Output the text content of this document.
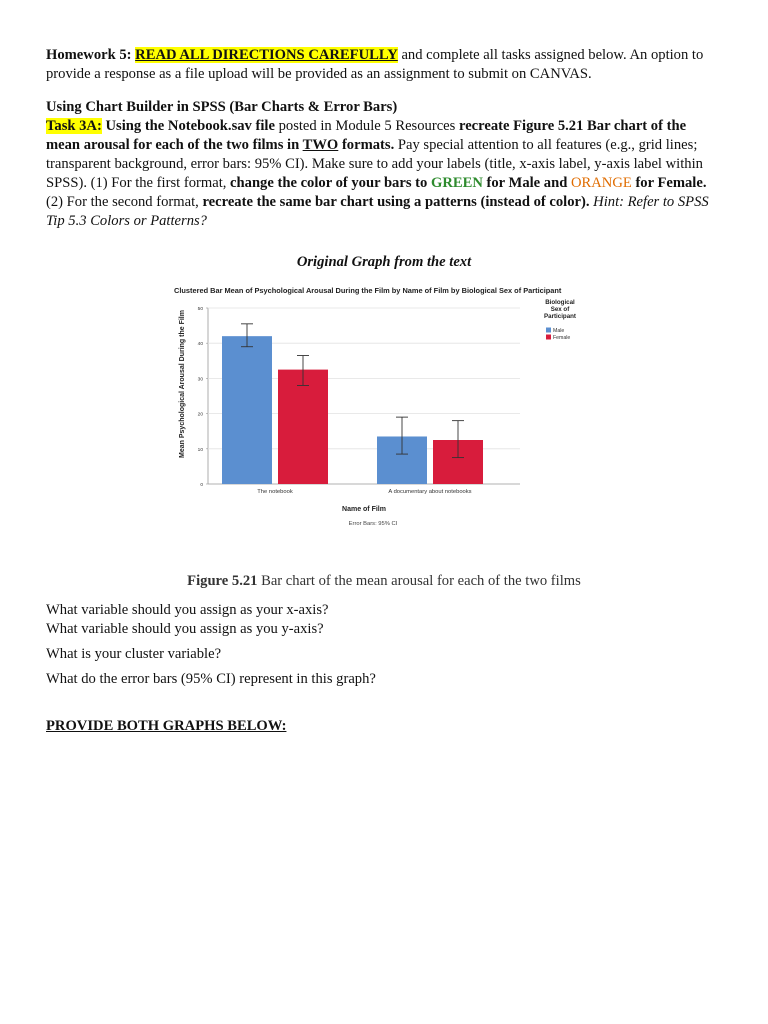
Homework 5: READ ALL DIRECTIONS CAREFULLY and complete all tasks assigned below. An option to provide a response as a file upload will be provided as an assignment to submit on CANVAS.

Using Chart Builder in SPSS (Bar Charts & Error Bars)
Task 3A: Using the Notebook.sav file posted in Module 5 Resources recreate Figure 5.21 Bar chart of the mean arousal for each of the two films in TWO formats. Pay special attention to all features (e.g., grid lines; transparent background, error bars: 95% CI). Make sure to add your labels (title, x-axis label, y-axis label within SPSS). (1) For the first format, change the color of your bars to GREEN for Male and ORANGE for Female. (2) For the second format, recreate the same bar chart using a patterns (instead of color). Hint: Refer to SPSS Tip 5.3 Colors or Patterns?

Original Graph from the text

Clustered Bar Mean of Psychological Arousal During the Film by Name of Film by Biological Sex of Participant
0
10
20
30
40
50
The notebook	A documentary about notebooks
Mean Psychological Arousal During the Film
Name of Film
Error Bars: 95% CI
Biological
Sex of
Participant
Male
Female

Figure 5.21 Bar chart of the mean arousal for each of the two films

What variable should you assign as your x-axis?

What variable should you assign as you y-axis?

What is your cluster variable?

What do the error bars (95% CI) represent in this graph?

PROVIDE BOTH GRAPHS BELOW:
